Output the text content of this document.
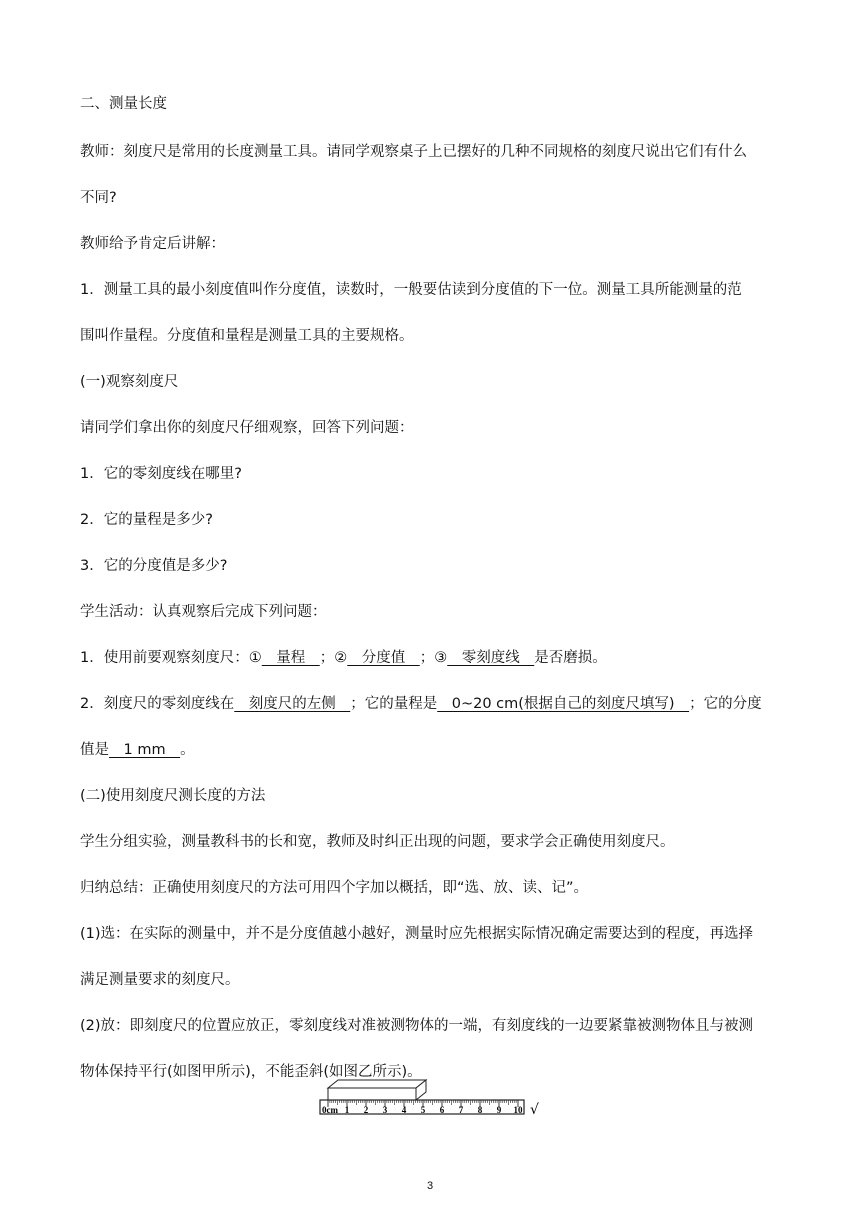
二、测量长度
教师：刻度尺是常用的长度测量工具。请同学观察桌子上已摆好的几种不同规格的刻度尺说出它们有什么
不同?
教师给予肯定后讲解：
1．测量工具的最小刻度值叫作分度值，读数时，一般要估读到分度值的下一位。测量工具所能测量的范
围叫作量程。分度值和量程是测量工具的主要规格。
(一)观察刻度尺
请同学们拿出你的刻度尺仔细观察，回答下列问题：
1．它的零刻度线在哪里?
2．它的量程是多少?
3．它的分度值是多少?
学生活动：认真观察后完成下列问题：
1．使用前要观察刻度尺：①　量程　；②　分度值　；③　零刻度线　是否磨损。
2．刻度尺的零刻度线在　刻度尺的左侧　；它的量程是　0~20 cm(根据自己的刻度尺填写)　；它的分度
值是　1 mm　。
(二)使用刻度尺测长度的方法
学生分组实验，测量教科书的长和宽，教师及时纠正出现的问题，要求学会正确使用刻度尺。
归纳总结：正确使用刻度尺的方法可用四个字加以概括，即“选、放、读、记”。
(1)选：在实际的测量中，并不是分度值越小越好，测量时应先根据实际情况确定需要达到的程度，再选择
满足测量要求的刻度尺。
(2)放：即刻度尺的位置应放正，零刻度线对准被测物体的一端，有刻度线的一边要紧靠被测物体且与被测
物体保持平行(如图甲所示)，不能歪斜(如图乙所示)。
0cm 1 2 3 4 5 6 7 8 9 10 √
3
